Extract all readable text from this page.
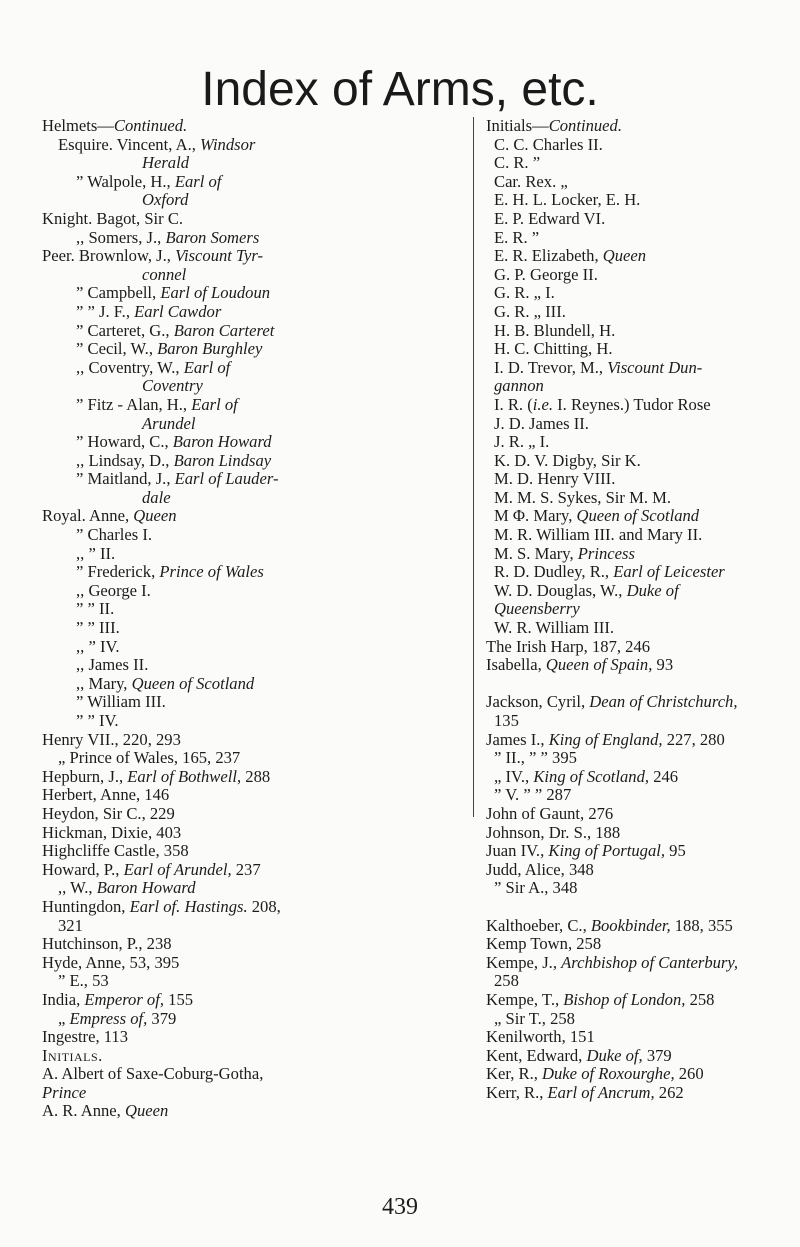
Index of Arms, etc.
Helmets—Continued.
Esquire. Vincent, A., Windsor
Herald
” Walpole, H., Earl of
Oxford
Knight. Bagot, Sir C.
,, Somers, J., Baron Somers
Peer. Brownlow, J., Viscount Tyr-
connel
” Campbell, Earl of Loudoun
” ” J. F., Earl Cawdor
” Carteret, G., Baron Carteret
” Cecil, W., Baron Burghley
,, Coventry, W., Earl of
Coventry
” Fitz - Alan, H., Earl of
Arundel
” Howard, C., Baron Howard
,, Lindsay, D., Baron Lindsay
” Maitland, J., Earl of Lauder-
dale
Royal. Anne, Queen
” Charles I.
,, ” II.
” Frederick, Prince of Wales
,, George I.
” ” II.
” ” III.
,, ” IV.
,, James II.
,, Mary, Queen of Scotland
” William III.
” ” IV.
Henry VII., 220, 293
„ Prince of Wales, 165, 237
Hepburn, J., Earl of Bothwell, 288
Herbert, Anne, 146
Heydon, Sir C., 229
Hickman, Dixie, 403
Highcliffe Castle, 358
Howard, P., Earl of Arundel, 237
,, W., Baron Howard
Huntingdon, Earl of. Hastings. 208,
321
Hutchinson, P., 238
Hyde, Anne, 53, 395
” E., 53
India, Emperor of, 155
„ Empress of, 379
Ingestre, 113
Initials.
A. Albert of Saxe-Coburg-Gotha,
Prince
A. R. Anne, Queen
Initials—Continued.
C. C. Charles II.
C. R. ”
Car. Rex. „
E. H. L. Locker, E. H.
E. P. Edward VI.
E. R. ”
E. R. Elizabeth, Queen
G. P. George II.
G. R. „ I.
G. R. „ III.
H. B. Blundell, H.
H. C. Chitting, H.
I. D. Trevor, M., Viscount Dun-
gannon
I. R. (i.e. I. Reynes.) Tudor Rose
J. D. James II.
J. R. „ I.
K. D. V. Digby, Sir K.
M. D. Henry VIII.
M. M. S. Sykes, Sir M. M.
M Φ. Mary, Queen of Scotland
M. R. William III. and Mary II.
M. S. Mary, Princess
R. D. Dudley, R., Earl of Leicester
W. D. Douglas, W., Duke of
Queensberry
W. R. William III.
The Irish Harp, 187, 246
Isabella, Queen of Spain, 93
Jackson, Cyril, Dean of Christchurch,
135
James I., King of England, 227, 280
” II., ” ” 395
„ IV., King of Scotland, 246
” V. ” ” 287
John of Gaunt, 276
Johnson, Dr. S., 188
Juan IV., King of Portugal, 95
Judd, Alice, 348
” Sir A., 348
Kalthoeber, C., Bookbinder, 188, 355
Kemp Town, 258
Kempe, J., Archbishop of Canterbury,
258
Kempe, T., Bishop of London, 258
„ Sir T., 258
Kenilworth, 151
Kent, Edward, Duke of, 379
Ker, R., Duke of Roxourghe, 260
Kerr, R., Earl of Ancrum, 262
439
